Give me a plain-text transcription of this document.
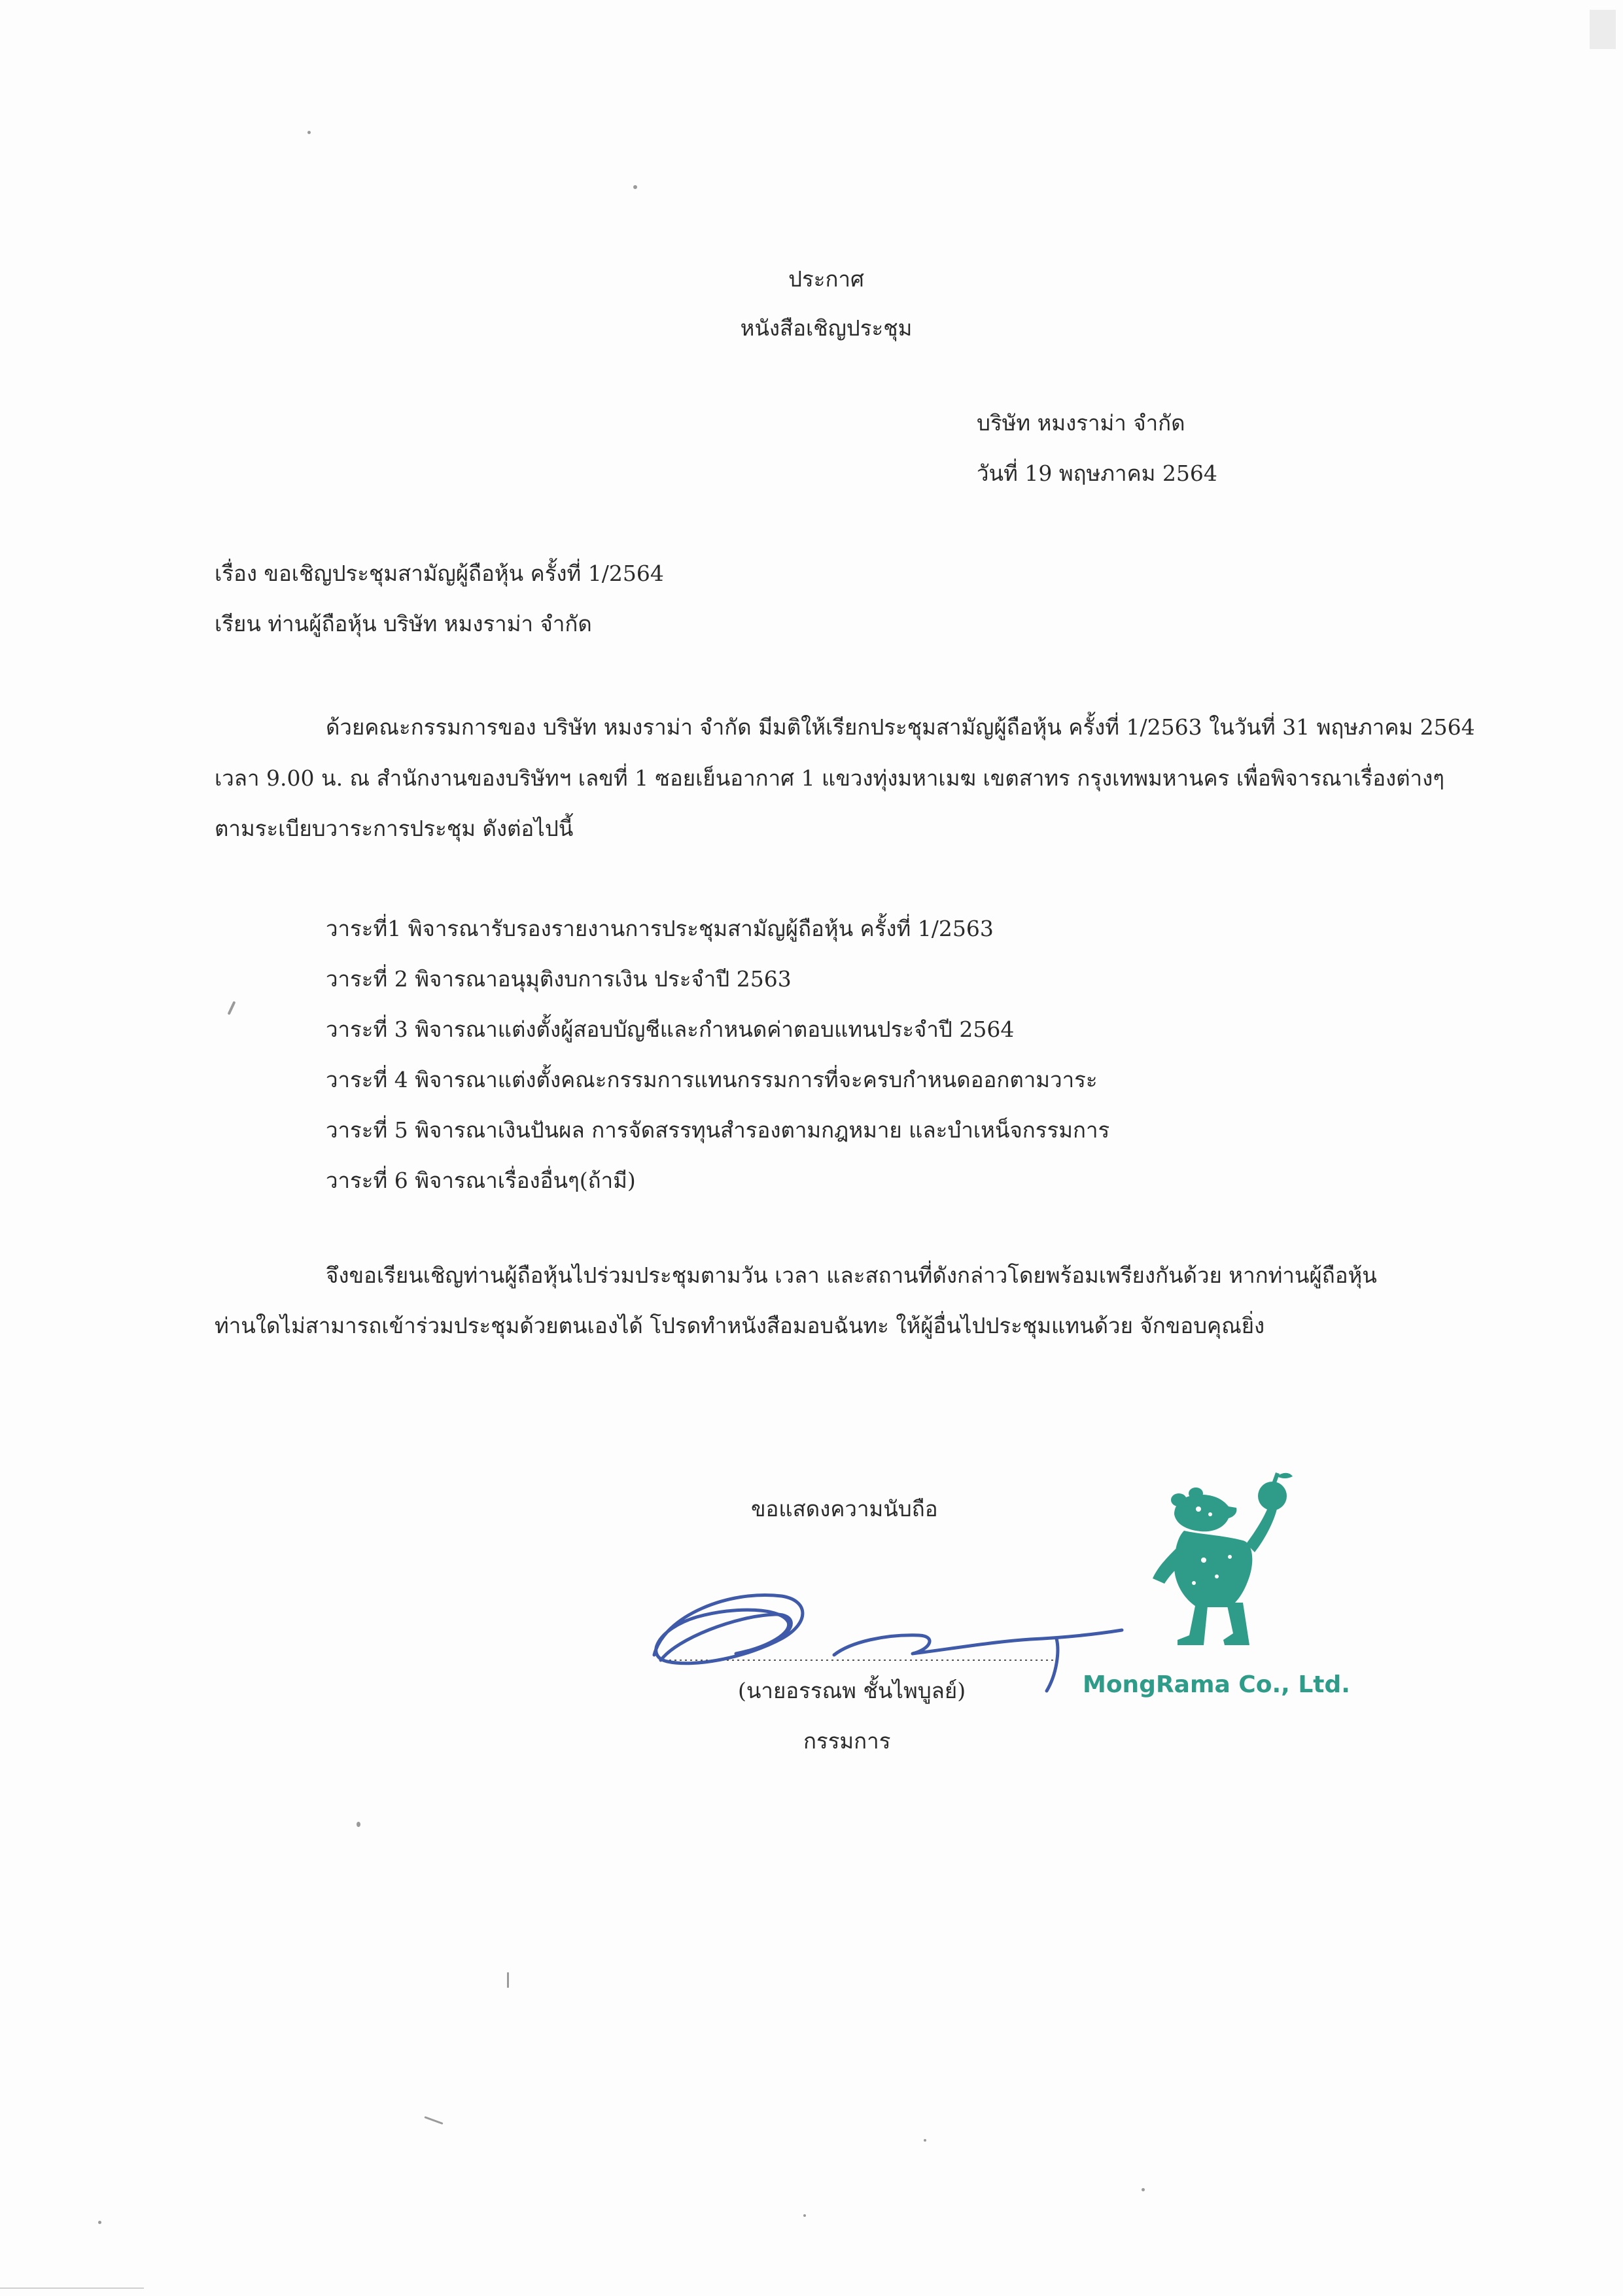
ประกาศ
หนังสือเชิญประชุม
บริษัท หมงราม่า จำกัด
วันที่ 19 พฤษภาคม 2564
เรื่อง ขอเชิญประชุมสามัญผู้ถือหุ้น ครั้งที่ 1/2564
เรียน ท่านผู้ถือหุ้น บริษัท หมงราม่า จำกัด
ด้วยคณะกรรมการของ บริษัท หมงราม่า จำกัด มีมติให้เรียกประชุมสามัญผู้ถือหุ้น ครั้งที่ 1/2563 ในวันที่ 31 พฤษภาคม 2564
เวลา 9.00 น. ณ สำนักงานของบริษัทฯ เลขที่ 1 ซอยเย็นอากาศ 1 แขวงทุ่งมหาเมฆ เขตสาทร กรุงเทพมหานคร เพื่อพิจารณาเรื่องต่างๆ
ตามระเบียบวาระการประชุม ดังต่อไปนี้
วาระที่1 พิจารณารับรองรายงานการประชุมสามัญผู้ถือหุ้น ครั้งที่ 1/2563
วาระที่ 2 พิจารณาอนุมุติงบการเงิน ประจำปี 2563
วาระที่ 3 พิจารณาแต่งตั้งผู้สอบบัญชีและกำหนดค่าตอบแทนประจำปี 2564
วาระที่ 4 พิจารณาแต่งตั้งคณะกรรมการแทนกรรมการที่จะครบกำหนดออกตามวาระ
วาระที่ 5 พิจารณาเงินปันผล การจัดสรรทุนสำรองตามกฎหมาย และบำเหน็จกรรมการ
วาระที่ 6 พิจารณาเรื่องอื่นๆ(ถ้ามี)
จึงขอเรียนเชิญท่านผู้ถือหุ้นไปร่วมประชุมตามวัน เวลา และสถานที่ดังกล่าวโดยพร้อมเพรียงกันด้วย หากท่านผู้ถือหุ้น
ท่านใดไม่สามารถเข้าร่วมประชุมด้วยตนเองได้ โปรดทำหนังสือมอบฉันทะ ให้ผู้อื่นไปประชุมแทนด้วย จักขอบคุณยิ่ง
ขอแสดงความนับถือ
(นายอรรณพ ชั้นไพบูลย์)
กรรมการ
MongRama Co., Ltd.
